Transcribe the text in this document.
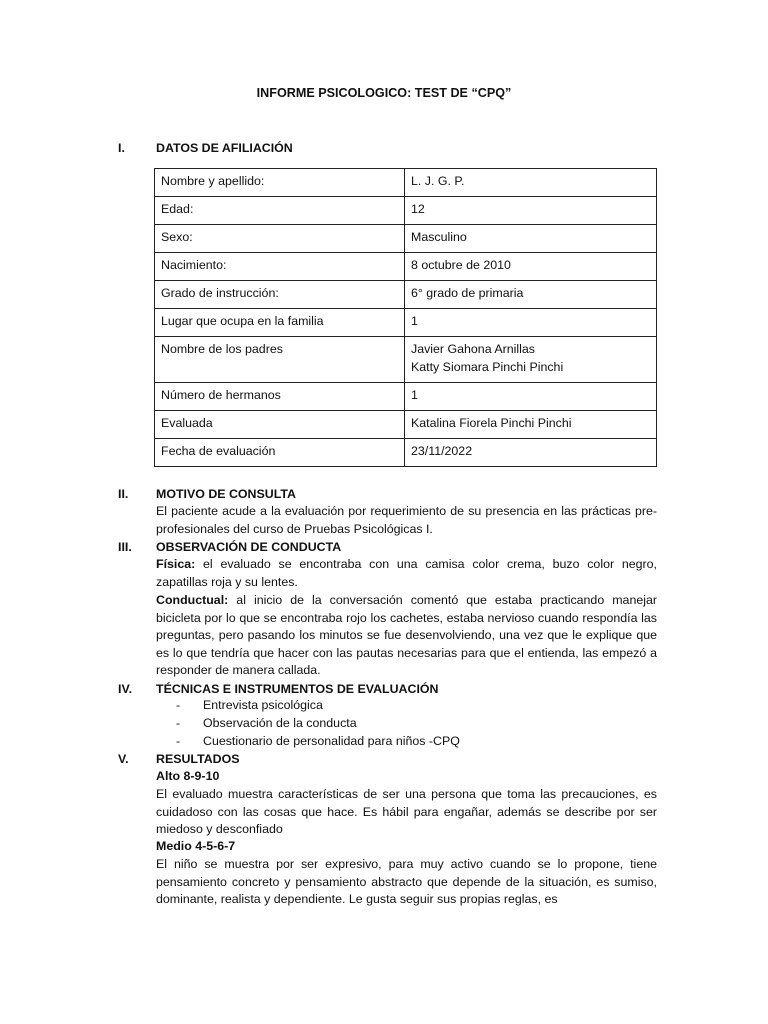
INFORME PSICOLOGICO: TEST DE “CPQ”
I.	DATOS DE AFILIACIÓN
Nombre y apellido:	L. J. G. P.
Edad:	12
Sexo:	Masculino
Nacimiento:	8 octubre de 2010
Grado de instrucción:	6° grado de primaria
Lugar que ocupa en la familia	1
Nombre de los padres	Javier Gahona Arnillas
Katty Siomara Pinchi Pinchi

Número de hermanos	1
Evaluada	Katalina Fiorela Pinchi Pinchi
Fecha de evaluación	23/11/2022
II.	MOTIVO DE CONSULTA
El paciente acude a la evaluación por requerimiento de su presencia en las prácticas pre-profesionales del curso de Pruebas Psicológicas I.
III.	OBSERVACIÓN DE CONDUCTA
Física: el evaluado se encontraba con una camisa color crema, buzo color negro, zapatillas roja y su lentes.
Conductual: al inicio de la conversación comentó que estaba practicando manejar bicicleta por lo que se encontraba rojo los cachetes, estaba nervioso cuando respondía las preguntas, pero pasando los minutos se fue desenvolviendo, una vez que le explique que es lo que tendría que hacer con las pautas necesarias para que el entienda, las empezó a responder de manera callada.
IV.	TÉCNICAS E INSTRUMENTOS DE EVALUACIÓN
- Entrevista psicológica
- Observación de la conducta
- Cuestionario de personalidad para niños -CPQ
V.	RESULTADOS
Alto 8-9-10
El evaluado muestra características de ser una persona que toma las precauciones, es cuidadoso con las cosas que hace. Es hábil para engañar, además se describe por ser miedoso y desconfiado
Medio 4-5-6-7
El niño se muestra por ser expresivo, para muy activo cuando se lo propone, tiene pensamiento concreto y pensamiento abstracto que depende de la situación, es sumiso, dominante, realista y dependiente. Le gusta seguir sus propias reglas, es
